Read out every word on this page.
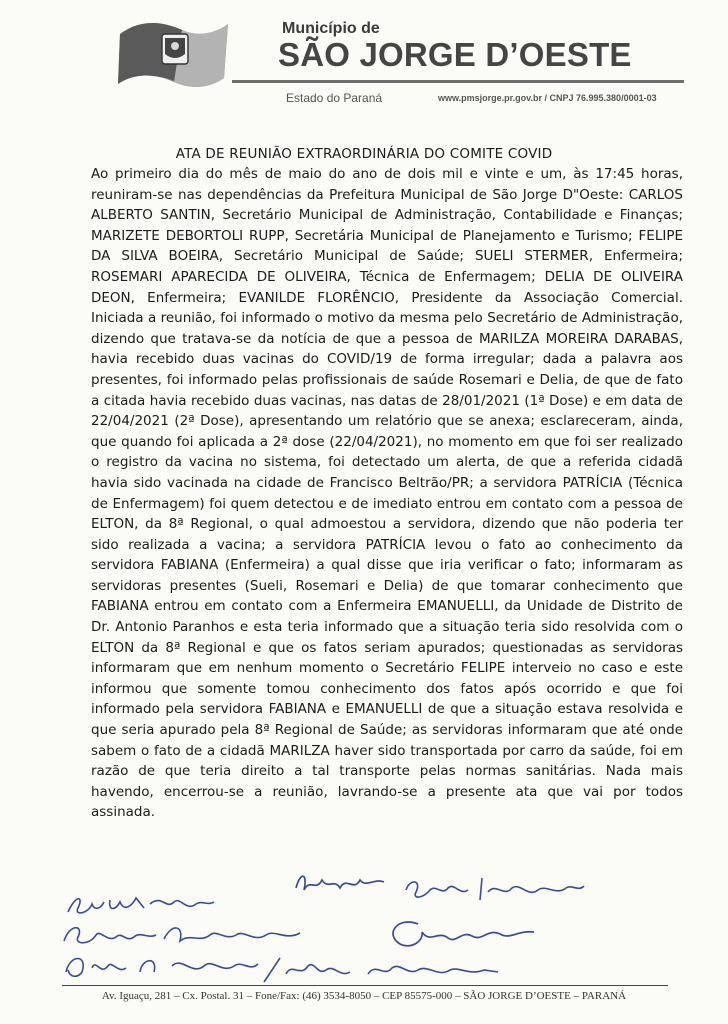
Município de
SÃO JORGE D’OESTE
Estado do Paraná	www.pmsjorge.pr.gov.br / CNPJ 76.995.380/0001-03
ATA DE REUNIÃO EXTRAORDINÁRIA DO COMITE COVID

Ao primeiro dia do mês de maio do ano de dois mil e vinte e um, às 17:45 horas, reuniram-se nas dependências da Prefeitura Municipal de São Jorge D"Oeste: CARLOS ALBERTO SANTIN, Secretário Municipal de Administração, Contabilidade e Finanças; MARIZETE DEBORTOLI RUPP, Secretária Municipal de Planejamento e Turismo; FELIPE DA SILVA BOEIRA, Secretário Municipal de Saúde; SUELI STERMER, Enfermeira; ROSEMARI APARECIDA DE OLIVEIRA, Técnica de Enfermagem; DELIA DE OLIVEIRA DEON, Enfermeira; EVANILDE FLORÊNCIO, Presidente da Associação Comercial. Iniciada a reunião, foi informado o motivo da mesma pelo Secretário de Administração, dizendo que tratava-se da notícia de que a pessoa de MARILZA MOREIRA DARABAS, havia recebido duas vacinas do COVID/19 de forma irregular; dada a palavra aos presentes, foi informado pelas profissionais de saúde Rosemari e Delia, de que de fato a citada havia recebido duas vacinas, nas datas de 28/01/2021 (1ª Dose) e em data de 22/04/2021 (2ª Dose), apresentando um relatório que se anexa; esclareceram, ainda, que quando foi aplicada a 2ª dose (22/04/2021), no momento em que foi ser realizado o registro da vacina no sistema, foi detectado um alerta, de que a referida cidadã havia sido vacinada na cidade de Francisco Beltrão/PR; a servidora PATRÍCIA (Técnica de Enfermagem) foi quem detectou e de imediato entrou em contato com a pessoa de ELTON, da 8ª Regional, o qual admoestou a servidora, dizendo que não poderia ter sido realizada a vacina; a servidora PATRÍCIA levou o fato ao conhecimento da servidora FABIANA (Enfermeira) a qual disse que iria verificar o fato; informaram as servidoras presentes (Sueli, Rosemari e Delia) de que tomarar conhecimento que FABIANA entrou em contato com a Enfermeira EMANUELLI, da Unidade de Distrito de Dr. Antonio Paranhos e esta teria informado que a situação teria sido resolvida com o ELTON da 8ª Regional e que os fatos seriam apurados; questionadas as servidoras informaram que em nenhum momento o Secretário FELIPE interveio no caso e este informou que somente tomou conhecimento dos fatos após ocorrido e que foi informado pela servidora FABIANA e EMANUELLI de que a situação estava resolvida e que seria apurado pela 8ª Regional de Saúde; as servidoras informaram que até onde sabem o fato de a cidadã MARILZA haver sido transportada por carro da saúde, foi em razão de que teria direito a tal transporte pelas normas sanitárias. Nada mais havendo, encerrou-se a reunião, lavrando-se a presente ata que vai por todos assinada.

Av. Iguaçu, 281 – Cx. Postal. 31 – Fone/Fax: (46) 3534-8050 – CEP 85575-000 – SÃO JORGE D’OESTE – PARANÁ
